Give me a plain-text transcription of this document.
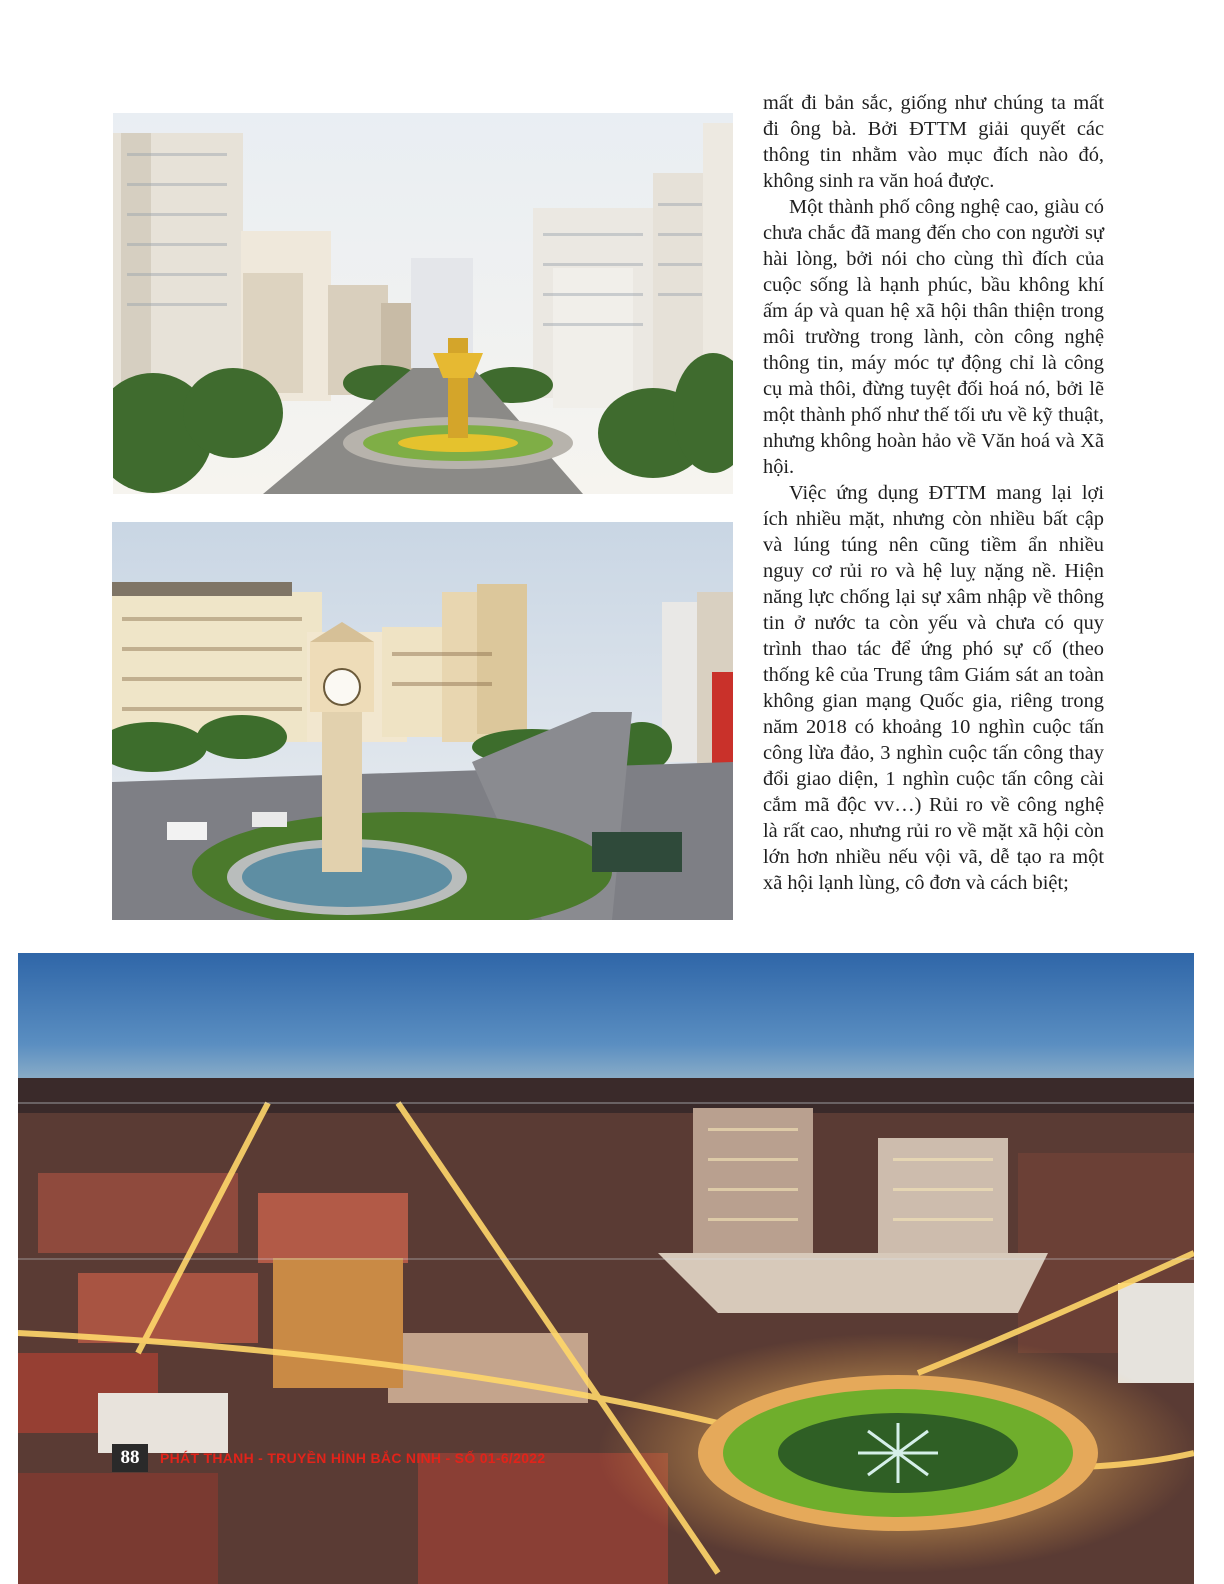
mất đi bản sắc, giống như chúng ta mất đi ông bà. Bởi ĐTTM giải quyết các thông tin nhằm vào mục đích nào đó, không sinh ra văn hoá được.

Một thành phố công nghệ cao, giàu có chưa chắc đã mang đến cho con người sự hài lòng, bởi nói cho cùng thì đích của cuộc sống là hạnh phúc, bầu không khí ấm áp và quan hệ xã hội thân thiện trong môi trường trong lành, còn công nghệ thông tin, máy móc tự động chỉ là công cụ mà thôi, đừng tuyệt đối hoá nó, bởi lẽ một thành phố như thế tối ưu về kỹ thuật, nhưng không hoàn hảo về Văn hoá và Xã hội.

Việc ứng dụng ĐTTM mang lại lợi ích nhiều mặt, nhưng còn nhiều bất cập và lúng túng nên cũng tiềm ẩn nhiều nguy cơ rủi ro và hệ luỵ nặng nề. Hiện năng lực chống lại sự xâm nhập về thông tin ở nước ta còn yếu và chưa có quy trình thao tác để ứng phó sự cố (theo thống kê của Trung tâm Giám sát an toàn không gian mạng Quốc gia, riêng trong năm 2018 có khoảng 10 nghìn cuộc tấn công lừa đảo, 3 nghìn cuộc tấn công thay đổi giao diện, 1 nghìn cuộc tấn công cài cắm mã độc vv…) Rủi ro về công nghệ là rất cao, nhưng rủi ro về mặt xã hội còn lớn hơn nhiều nếu vội vã, dễ tạo ra một xã hội lạnh lùng, cô đơn và cách biệt;

88	PHÁT THANH - TRUYỀN HÌNH BẮC NINH - SỐ 01-6/2022
